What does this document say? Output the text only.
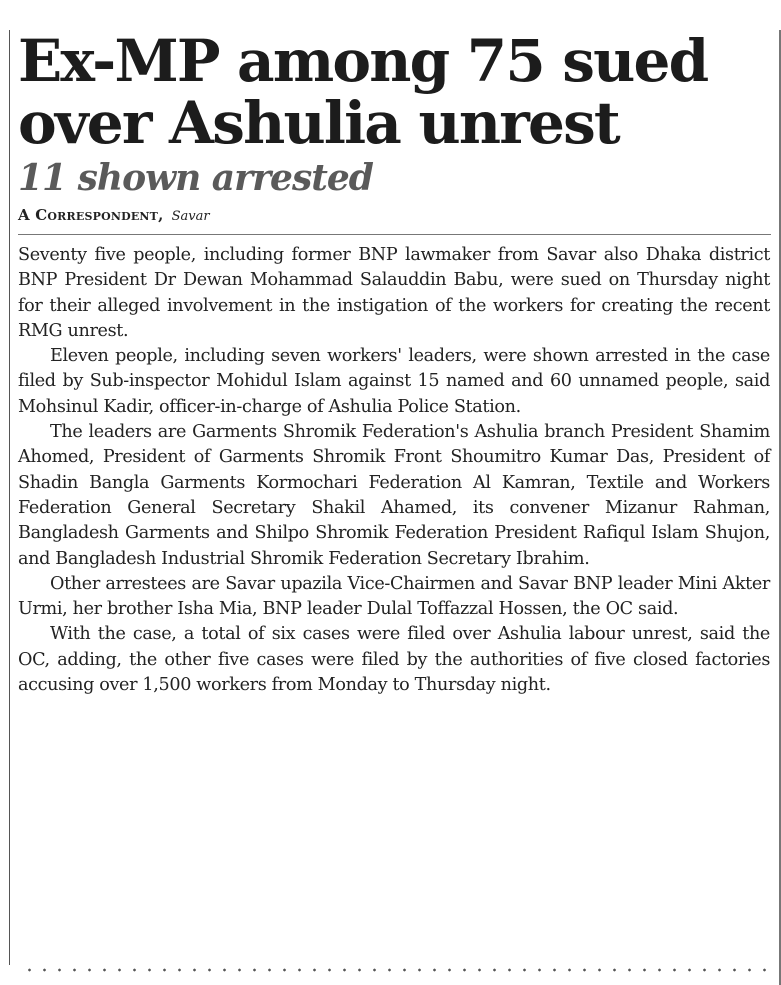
Ex-MP among 75 sued
over Ashulia unrest
11 shown arrested
A Correspondent, Savar

Seventy five people, including former BNP lawmaker from Savar also Dhaka district BNP President Dr Dewan Mohammad Salauddin Babu, were sued on Thursday night for their alleged involvement in the instigation of the workers for creating the recent RMG unrest.

Eleven people, including seven workers' leaders, were shown arrested in the case filed by Sub-inspector Mohidul Islam against 15 named and 60 unnamed people, said Mohsinul Kadir, officer-in-charge of Ashulia Police Station.

The leaders are Garments Shromik Federation's Ashulia branch President Shamim Ahomed, President of Garments Shromik Front Shoumitro Kumar Das, President of Shadin Bangla Garments Kormochari Federation Al Kamran, Textile and Workers Federation General Secretary Shakil Ahamed, its convener Mizanur Rahman, Bangladesh Garments and Shilpo Shromik Federation President Rafiqul Islam Shujon, and Bangladesh Industrial Shromik Federation Secretary Ibrahim.

Other arrestees are Savar upazila Vice-Chairmen and Savar BNP leader Mini Akter Urmi, her brother Isha Mia, BNP leader Dulal Toffazzal Hossen, the OC said.

With the case, a total of six cases were filed over Ashulia labour unrest, said the OC, adding, the other five cases were filed by the authorities of five closed factories accusing over 1,500 workers from Monday to Thursday night.
